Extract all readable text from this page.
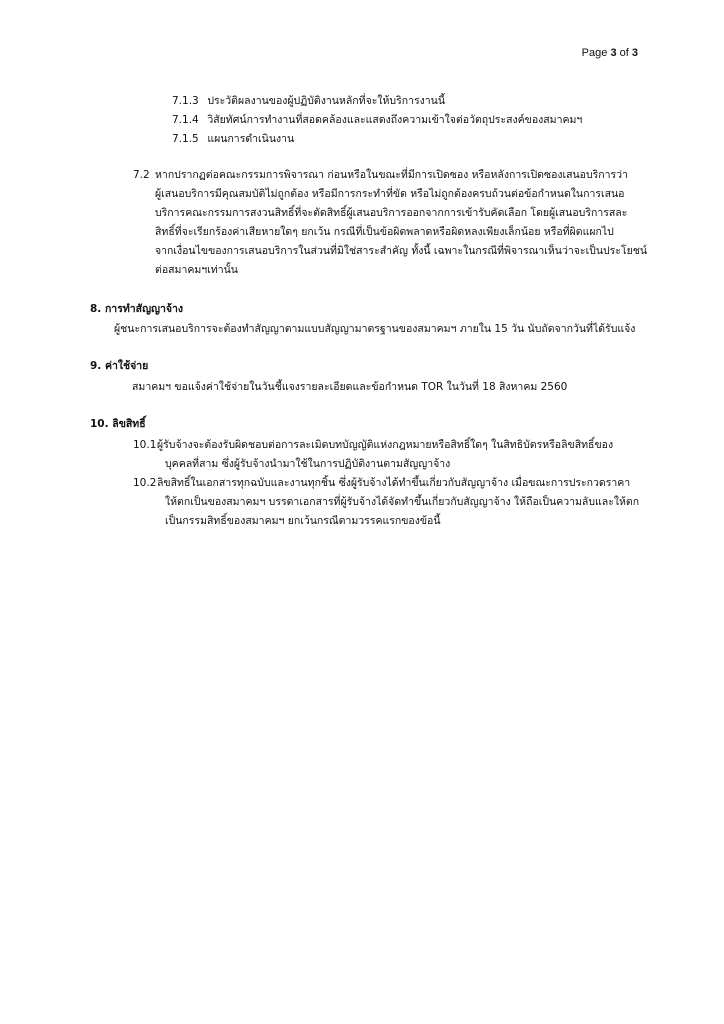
Page 3 of 3
7.1.3 ประวัติผลงานของผู้ปฏิบัติงานหลักที่จะให้บริการงานนี้
7.1.4 วิสัยทัศน์การทำงานที่สอดคล้องและแสดงถึงความเข้าใจต่อวัตถุประสงค์ของสมาคมฯ
7.1.5 แผนการดำเนินงาน
7.2 หากปรากฏต่อคณะกรรมการพิจารณา ก่อนหรือในขณะที่มีการเปิดซอง หรือหลังการเปิดซองเสนอบริการว่า
ผู้เสนอบริการมีคุณสมบัติไม่ถูกต้อง หรือมีการกระทำที่ขัด หรือไม่ถูกต้องครบถ้วนต่อข้อกำหนดในการเสนอ
บริการคณะกรรมการสงวนสิทธิ์ที่จะตัดสิทธิ์ผู้เสนอบริการออกจากการเข้ารับคัดเลือก โดยผู้เสนอบริการสละ
สิทธิ์ที่จะเรียกร้องค่าเสียหายใดๆ ยกเว้น กรณีที่เป็นข้อผิดพลาดหรือผิดหลงเพียงเล็กน้อย หรือที่ผิดแผกไป
จากเงื่อนไขของการเสนอบริการในส่วนที่มิใช่สาระสำคัญ ทั้งนี้ เฉพาะในกรณีที่พิจารณาเห็นว่าจะเป็นประโยชน์
ต่อสมาคมฯเท่านั้น
8. การทำสัญญาจ้าง
ผู้ชนะการเสนอบริการจะต้องทำสัญญาตามแบบสัญญามาตรฐานของสมาคมฯ ภายใน 15 วัน นับถัดจากวันที่ได้รับแจ้ง
9. ค่าใช้จ่าย
สมาคมฯ ขอแจ้งค่าใช้จ่ายในวันชี้แจงรายละเอียดและข้อกำหนด TOR ในวันที่ 18 สิงหาคม 2560
10. ลิขสิทธิ์
10.1 ผู้รับจ้างจะต้องรับผิดชอบต่อการละเมิดบทบัญญัติแห่งกฎหมายหรือสิทธิ์ใดๆ ในสิทธิบัตรหรือลิขสิทธิ์ของ
บุคคลที่สาม ซึ่งผู้รับจ้างนำมาใช้ในการปฏิบัติงานตามสัญญาจ้าง
10.2 ลิขสิทธิ์ในเอกสารทุกฉบับและงานทุกชิ้น ซึ่งผู้รับจ้างได้ทำขึ้นเกี่ยวกับสัญญาจ้าง เมื่อขณะการประกวดราคา
ให้ตกเป็นของสมาคมฯ บรรดาเอกสารที่ผู้รับจ้างได้จัดทำขึ้นเกี่ยวกับสัญญาจ้าง ให้ถือเป็นความลับและให้ตก
เป็นกรรมสิทธิ์ของสมาคมฯ ยกเว้นกรณีตามวรรคแรกของข้อนี้
